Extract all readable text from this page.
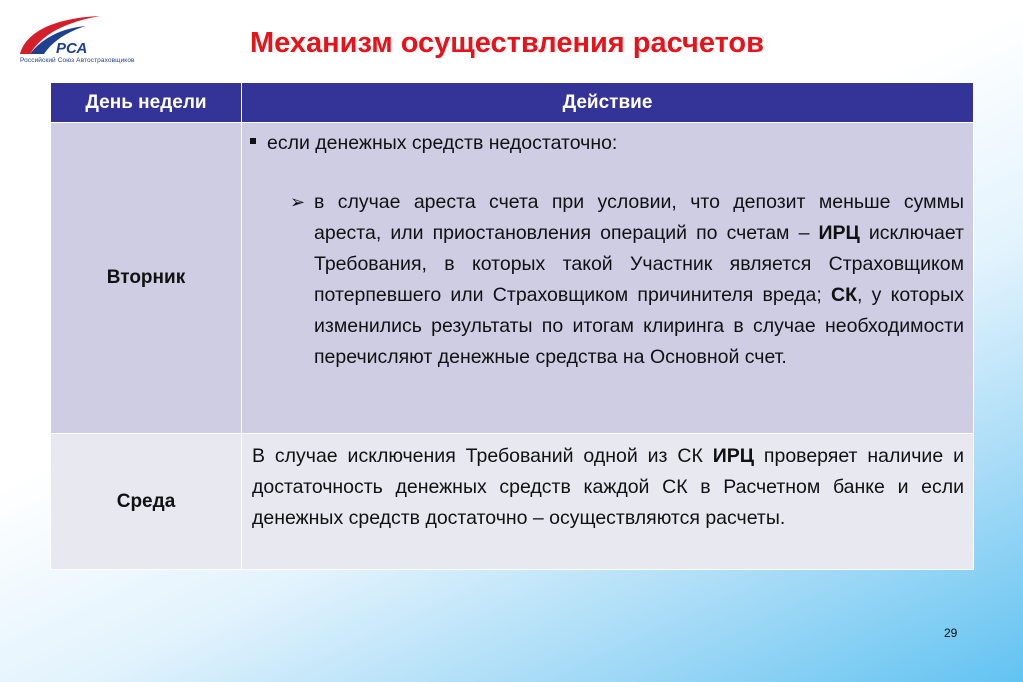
РСА
Российский Союз Автостраховщиков
Механизм осуществления расчетов
День недели	Действие
Вторник	если денежных средств недостаточно:
➢ в случае ареста счета при условии, что депозит меньше суммы ареста, или приостановления операций по счетам – ИРЦ исключает Требования, в которых такой Участник является Страховщиком потерпевшего или Страховщиком причинителя вреда; СК, у которых изменились результаты по итогам клиринга в случае необходимости перечисляют денежные средства на Основной счет.

Среда	В случае исключения Требований одной из СК ИРЦ проверяет наличие и достаточность денежных средств каждой СК в Расчетном банке и если денежных средств достаточно – осуществляются расчеты.
29
